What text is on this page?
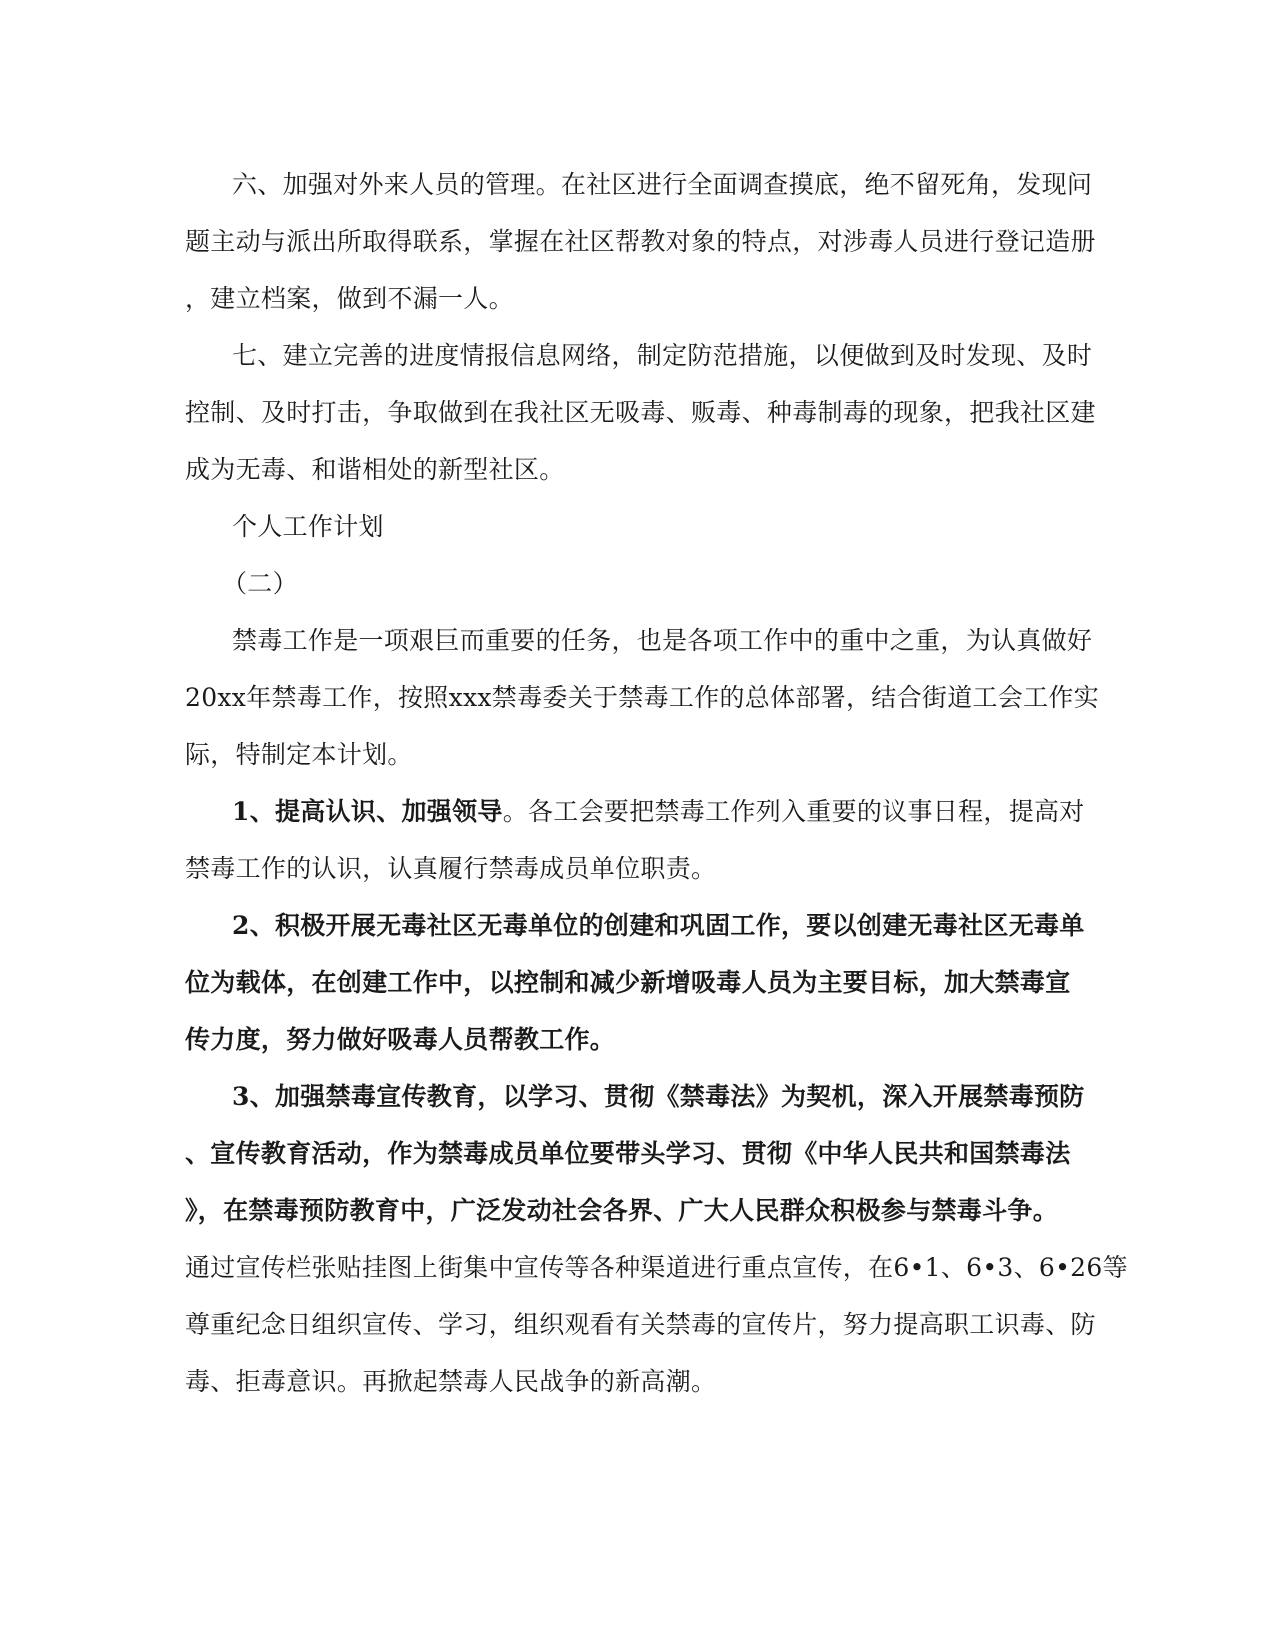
六、加强对外来人员的管理。在社区进行全面调查摸底，绝不留死角，发现问
题主动与派出所取得联系，掌握在社区帮教对象的特点，对涉毒人员进行登记造册
，建立档案，做到不漏一人。
七、建立完善的进度情报信息网络，制定防范措施，以便做到及时发现、及时
控制、及时打击，争取做到在我社区无吸毒、贩毒、种毒制毒的现象，把我社区建
成为无毒、和谐相处的新型社区。
个人工作计划
（二）
禁毒工作是一项艰巨而重要的任务，也是各项工作中的重中之重，为认真做好
20xx年禁毒工作，按照xxx禁毒委关于禁毒工作的总体部署，结合街道工会工作实
际，特制定本计划。
1、提高认识、加强领导。各工会要把禁毒工作列入重要的议事日程，提高对
禁毒工作的认识，认真履行禁毒成员单位职责。
2、积极开展无毒社区无毒单位的创建和巩固工作，要以创建无毒社区无毒单
位为载体，在创建工作中，以控制和减少新增吸毒人员为主要目标，加大禁毒宣
传力度，努力做好吸毒人员帮教工作。
3、加强禁毒宣传教育，以学习、贯彻《禁毒法》为契机，深入开展禁毒预防
、宣传教育活动，作为禁毒成员单位要带头学习、贯彻《中华人民共和国禁毒法
》，在禁毒预防教育中，广泛发动社会各界、广大人民群众积极参与禁毒斗争。
通过宣传栏张贴挂图上街集中宣传等各种渠道进行重点宣传，在6•1、6•3、6•26等
尊重纪念日组织宣传、学习，组织观看有关禁毒的宣传片，努力提高职工识毒、防
毒、拒毒意识。再掀起禁毒人民战争的新高潮。
